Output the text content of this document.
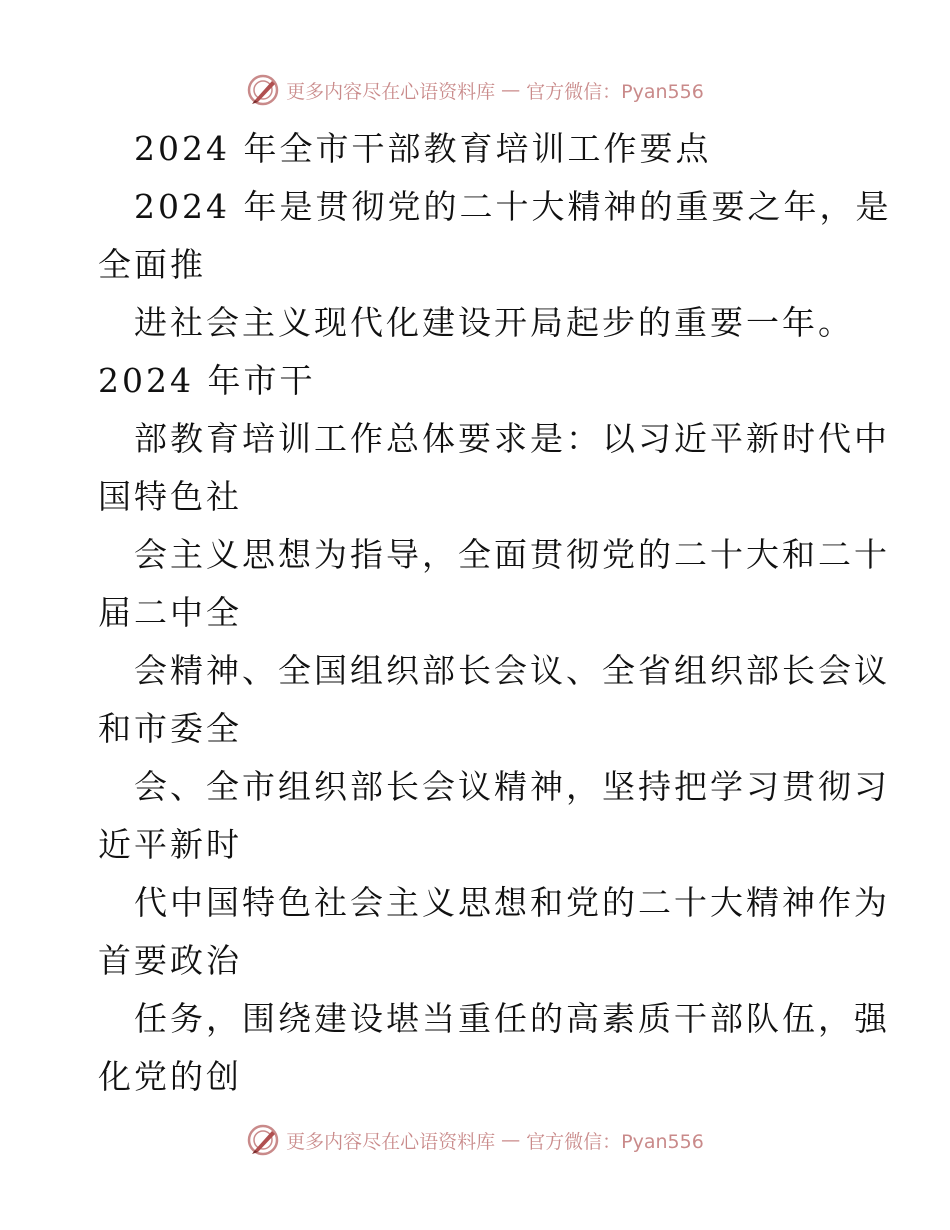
更多内容尽在心语资料库 — 官方微信：Pyan556
2024 年全市干部教育培训工作要点
2024 年是贯彻党的二十大精神的重要之年，是
全面推
进社会主义现代化建设开局起步的重要一年。
2024 年市干
部教育培训工作总体要求是：以习近平新时代中
国特色社
会主义思想为指导，全面贯彻党的二十大和二十
届二中全
会精神、全国组织部长会议、全省组织部长会议
和市委全
会、全市组织部长会议精神，坚持把学习贯彻习
近平新时
代中国特色社会主义思想和党的二十大精神作为
首要政治
任务，围绕建设堪当重任的高素质干部队伍，强
化党的创
更多内容尽在心语资料库 — 官方微信：Pyan556
